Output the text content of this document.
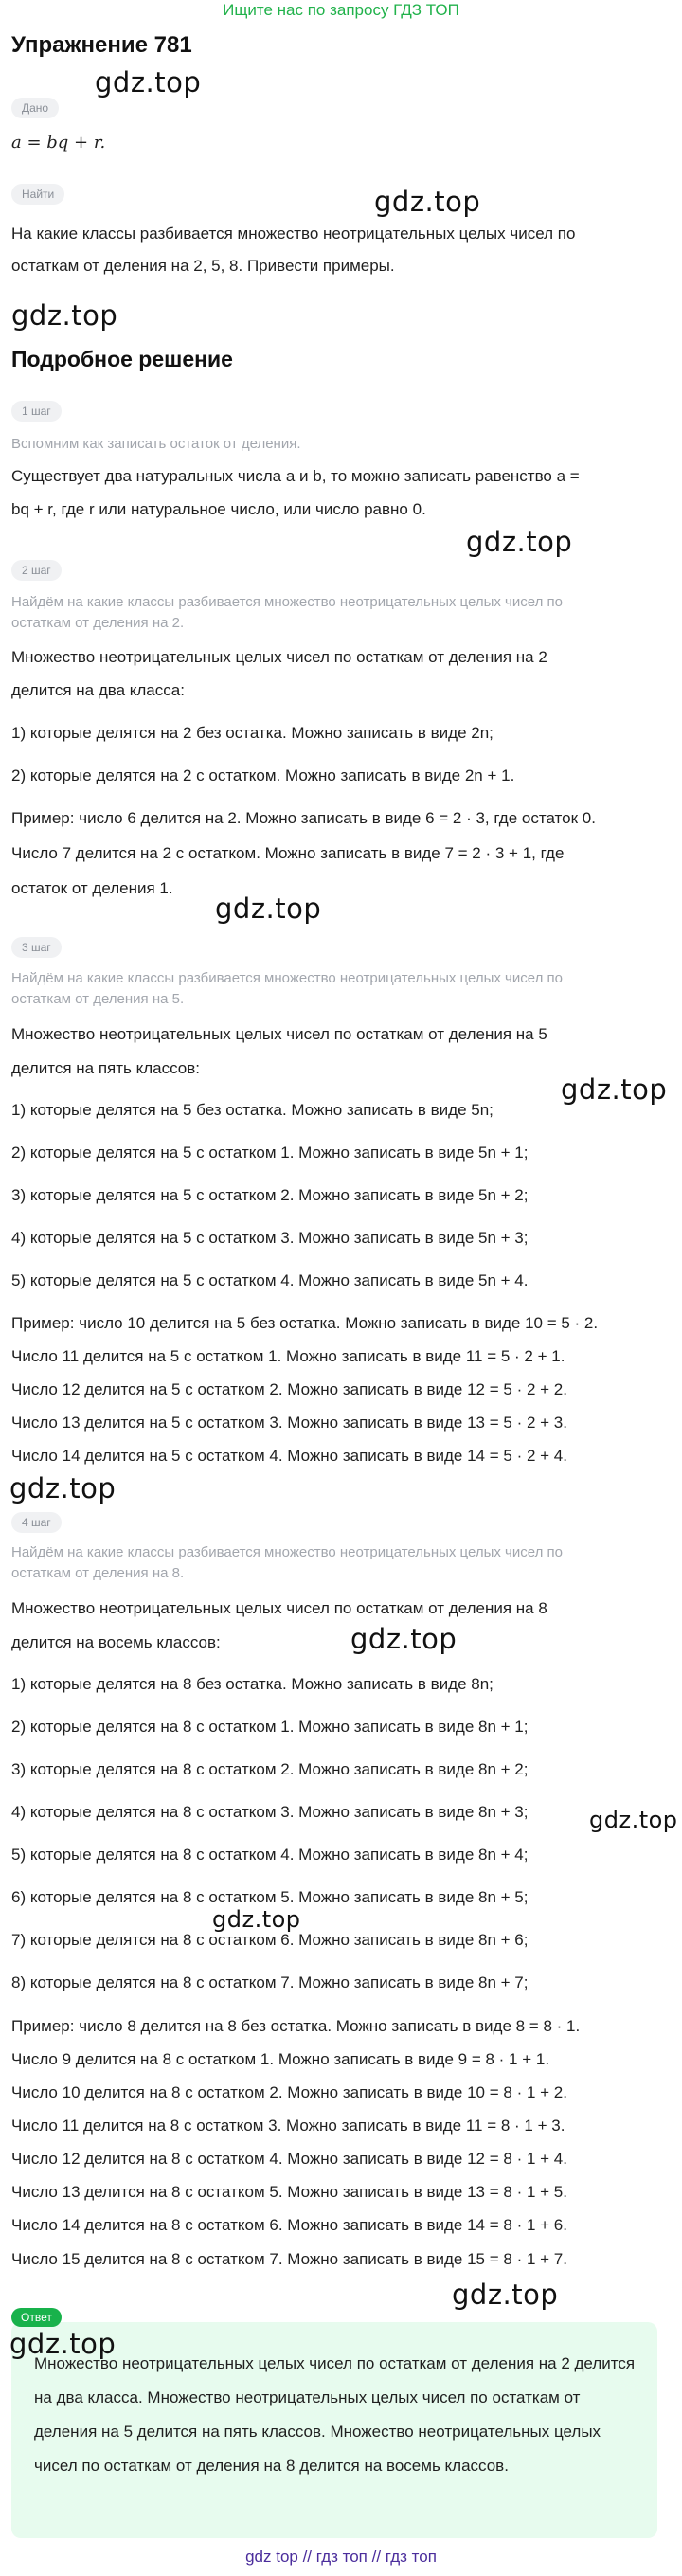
Ищите нас по запросу ГДЗ ТОП
Упражнение 781
Дано
a = bq + r.
Найти
На какие классы разбивается множество неотрицательных целых чисел по
остаткам от деления на 2, 5, 8. Привести примеры.
Подробное решение
1 шаг
Вспомним как записать остаток от деления.
Существует два натуральных числа a и b, то можно записать равенство a =
bq + r, где r или натуральное число, или число равно 0.
2 шаг
Найдём на какие классы разбивается множество неотрицательных целых чисел по
остаткам от деления на 2.
Множество неотрицательных целых чисел по остаткам от деления на 2
делится на два класса:
1) которые делятся на 2 без остатка. Можно записать в виде 2n;
2) которые делятся на 2 с остатком. Можно записать в виде 2n + 1.
Пример: число 6 делится на 2. Можно записать в виде 6 = 2 · 3, где остаток 0.
Число 7 делится на 2 с остатком. Можно записать в виде 7 = 2 · 3 + 1, где
остаток от деления 1.
3 шаг
Найдём на какие классы разбивается множество неотрицательных целых чисел по
остаткам от деления на 5.
Множество неотрицательных целых чисел по остаткам от деления на 5
делится на пять классов:
1) которые делятся на 5 без остатка. Можно записать в виде 5n;
2) которые делятся на 5 с остатком 1. Можно записать в виде 5n + 1;
3) которые делятся на 5 с остатком 2. Можно записать в виде 5n + 2;
4) которые делятся на 5 с остатком 3. Можно записать в виде 5n + 3;
5) которые делятся на 5 с остатком 4. Можно записать в виде 5n + 4.
Пример: число 10 делится на 5 без остатка. Можно записать в виде 10 = 5 · 2.
Число 11 делится на 5 с остатком 1. Можно записать в виде 11 = 5 · 2 + 1.
Число 12 делится на 5 с остатком 2. Можно записать в виде 12 = 5 · 2 + 2.
Число 13 делится на 5 с остатком 3. Можно записать в виде 13 = 5 · 2 + 3.
Число 14 делится на 5 с остатком 4. Можно записать в виде 14 = 5 · 2 + 4.
4 шаг
Найдём на какие классы разбивается множество неотрицательных целых чисел по
остаткам от деления на 8.
Множество неотрицательных целых чисел по остаткам от деления на 8
делится на восемь классов:
1) которые делятся на 8 без остатка. Можно записать в виде 8n;
2) которые делятся на 8 с остатком 1. Можно записать в виде 8n + 1;
3) которые делятся на 8 с остатком 2. Можно записать в виде 8n + 2;
4) которые делятся на 8 с остатком 3. Можно записать в виде 8n + 3;
5) которые делятся на 8 с остатком 4. Можно записать в виде 8n + 4;
6) которые делятся на 8 с остатком 5. Можно записать в виде 8n + 5;
7) которые делятся на 8 с остатком 6. Можно записать в виде 8n + 6;
8) которые делятся на 8 с остатком 7. Можно записать в виде 8n + 7;
Пример: число 8 делится на 8 без остатка. Можно записать в виде 8 = 8 · 1.
Число 9 делится на 8 с остатком 1. Можно записать в виде 9 = 8 · 1 + 1.
Число 10 делится на 8 с остатком 2. Можно записать в виде 10 = 8 · 1 + 2.
Число 11 делится на 8 с остатком 3. Можно записать в виде 11 = 8 · 1 + 3.
Число 12 делится на 8 с остатком 4. Можно записать в виде 12 = 8 · 1 + 4.
Число 13 делится на 8 с остатком 5. Можно записать в виде 13 = 8 · 1 + 5.
Число 14 делится на 8 с остатком 6. Можно записать в виде 14 = 8 · 1 + 6.
Число 15 делится на 8 с остатком 7. Можно записать в виде 15 = 8 · 1 + 7.
Множество неотрицательных целых чисел по остаткам от деления на 2 делится на два класса. Множество неотрицательных целых чисел по остаткам от деления на 5 делится на пять классов. Множество неотрицательных целых чисел по остаткам от деления на 8 делится на восемь классов.
Ответ
gdz.top
gdz.top
gdz.top
gdz.top
gdz.top
gdz.top
gdz.top
gdz.top
gdz.top
gdz.top
gdz.top
gdz.top
gdz top // гдз топ // гдз топ
